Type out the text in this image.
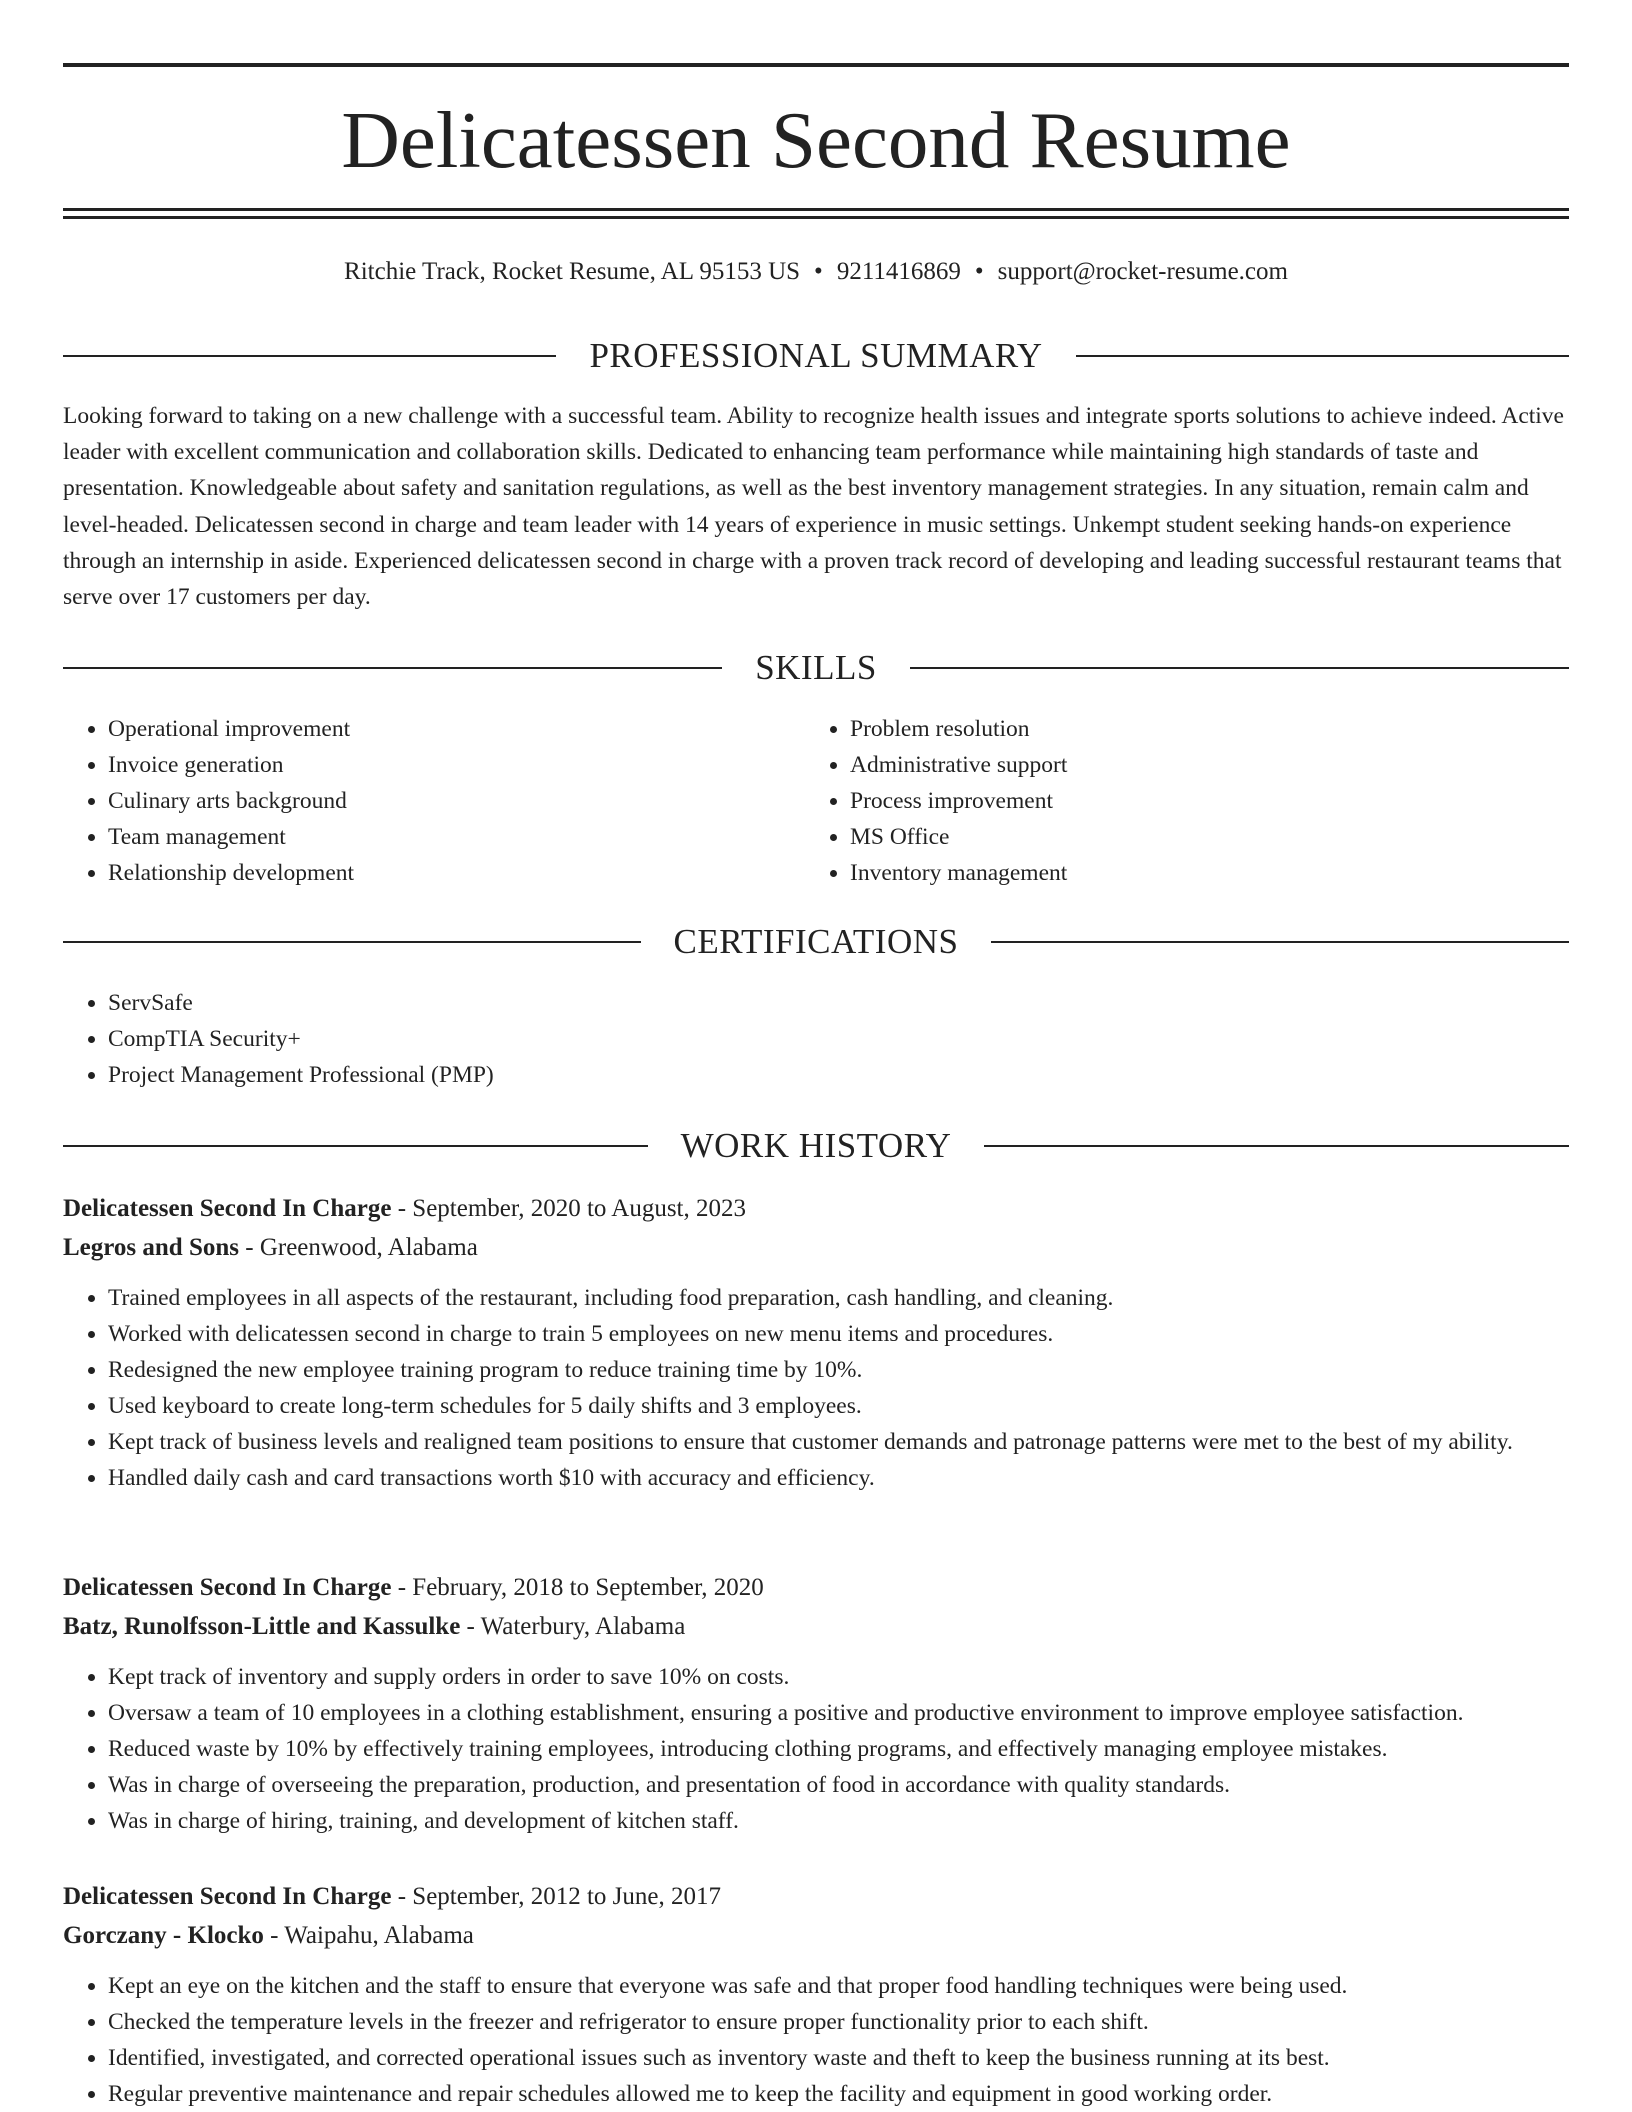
Delicatessen Second Resume
Ritchie Track, Rocket Resume, AL 95153 US • 9211416869 • support@rocket-resume.com
PROFESSIONAL SUMMARY

Looking forward to taking on a new challenge with a successful team. Ability to recognize health issues and integrate sports solutions to achieve indeed. Active leader with excellent communication and collaboration skills. Dedicated to enhancing team performance while maintaining high standards of taste and presentation. Knowledgeable about safety and sanitation regulations, as well as the best inventory management strategies. In any situation, remain calm and level-headed. Delicatessen second in charge and team leader with 14 years of experience in music settings. Unkempt student seeking hands-on experience through an internship in aside. Experienced delicatessen second in charge with a proven track record of developing and leading successful restaurant teams that serve over 17 customers per day.

SKILLS
• Operational improvement
• Invoice generation
• Culinary arts background
• Team management
• Relationship development
• Problem resolution
• Administrative support
• Process improvement
• MS Office
• Inventory management
CERTIFICATIONS
• ServSafe
• CompTIA Security+
• Project Management Professional (PMP)
WORK HISTORY
Delicatessen Second In Charge - September, 2020 to August, 2023
Legros and Sons - Greenwood, Alabama
• Trained employees in all aspects of the restaurant, including food preparation, cash handling, and cleaning.
• Worked with delicatessen second in charge to train 5 employees on new menu items and procedures.
• Redesigned the new employee training program to reduce training time by 10%.
• Used keyboard to create long-term schedules for 5 daily shifts and 3 employees.
• Kept track of business levels and realigned team positions to ensure that customer demands and patronage patterns were met to the best of my ability.
• Handled daily cash and card transactions worth $10 with accuracy and efficiency.
Delicatessen Second In Charge - February, 2018 to September, 2020
Batz, Runolfsson-Little and Kassulke - Waterbury, Alabama
• Kept track of inventory and supply orders in order to save 10% on costs.
• Oversaw a team of 10 employees in a clothing establishment, ensuring a positive and productive environment to improve employee satisfaction.
• Reduced waste by 10% by effectively training employees, introducing clothing programs, and effectively managing employee mistakes.
• Was in charge of overseeing the preparation, production, and presentation of food in accordance with quality standards.
• Was in charge of hiring, training, and development of kitchen staff.
Delicatessen Second In Charge - September, 2012 to June, 2017
Gorczany - Klocko - Waipahu, Alabama
• Kept an eye on the kitchen and the staff to ensure that everyone was safe and that proper food handling techniques were being used.
• Checked the temperature levels in the freezer and refrigerator to ensure proper functionality prior to each shift.
• Identified, investigated, and corrected operational issues such as inventory waste and theft to keep the business running at its best.
• Regular preventive maintenance and repair schedules allowed me to keep the facility and equipment in good working order.
